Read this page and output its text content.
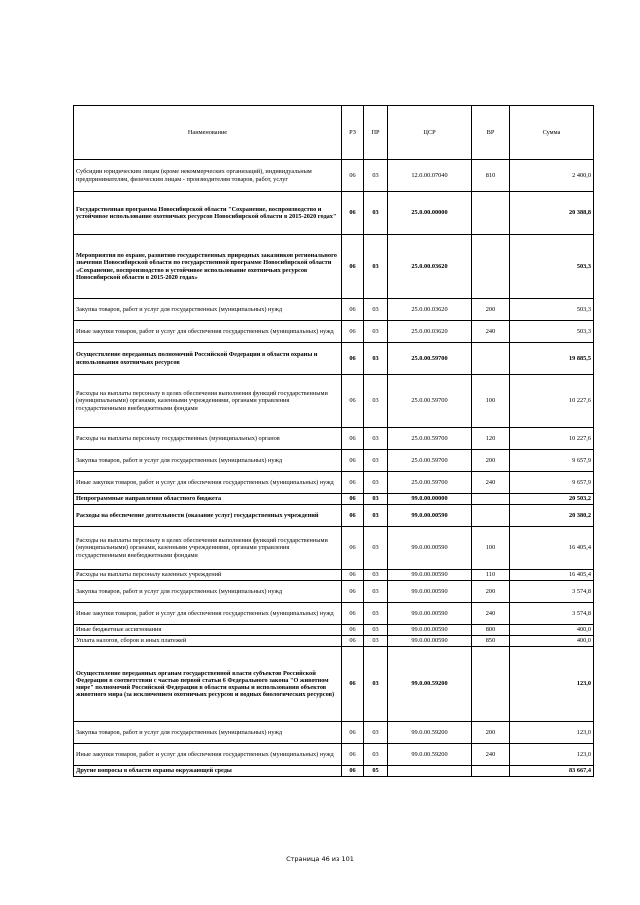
Наименование	РЗ	ПР	ЦСР	ВР	Сумма
Субсидии юридическим лицам (кроме некоммерческих организаций), индивидуальным предпринимателям, физическим лицам - производителям товаров, работ, услуг	06	03	12.0.00.07040	810	2 400,0
Государственная программа Новосибирской области "Сохранение, воспроизводство и устойчивое использование охотничьих ресурсов Новосибирской области в 2015-2020 годах"	06	03	25.0.00.00000		20 388,8
Мероприятия по охране, развитию государственных природных заказников регионального значения Новосибирской области по государственной программе Новосибирской области «Сохранение, воспроизводство и устойчивое использование охотничьих ресурсов Новосибирской области в 2015-2020 годах»	06	03	25.0.00.03620		503,3
Закупка товаров, работ и услуг для государственных (муниципальных) нужд	06	03	25.0.00.03620	200	503,3
Иные закупки товаров, работ и услуг для обеспечения государственных (муниципальных) нужд	06	03	25.0.00.03620	240	503,3
Осуществление переданных полномочий Российской Федерации в области охраны и использования охотничьих ресурсов	06	03	25.0.00.59700		19 885,5
Расходы на выплаты персоналу в целях обеспечения выполнения функций государственными (муниципальными) органами, казенными учреждениями, органами управления государственными внебюджетными фондами	06	03	25.0.00.59700	100	10 227,6
Расходы на выплаты персоналу государственных (муниципальных) органов	06	03	25.0.00.59700	120	10 227,6
Закупка товаров, работ и услуг для государственных (муниципальных) нужд	06	03	25.0.00.59700	200	9 657,9
Иные закупки товаров, работ и услуг для обеспечения государственных (муниципальных) нужд	06	03	25.0.00.59700	240	9 657,9
Непрограммные направления областного бюджета	06	03	99.0.00.00000		20 503,2
Расходы на обеспечение деятельности (оказание услуг) государственных учреждений	06	03	99.0.00.00590		20 380,2
Расходы на выплаты персоналу в целях обеспечения выполнения функций государственными (муниципальными) органами, казенными учреждениями, органами управления государственными внебюджетными фондами	06	03	99.0.00.00590	100	16 405,4
Расходы на выплаты персоналу казенных учреждений	06	03	99.0.00.00590	110	16 405,4
Закупка товаров, работ и услуг для государственных (муниципальных) нужд	06	03	99.0.00.00590	200	3 574,8
Иные закупки товаров, работ и услуг для обеспечения государственных (муниципальных) нужд	06	03	99.0.00.00590	240	3 574,8
Иные бюджетные ассигнования	06	03	99.0.00.00590	800	400,0
Уплата налогов, сборов и иных платежей	06	03	99.0.00.00590	850	400,0
Осуществление переданных органам государственной власти субъектов Российской Федерации в соответствии с частью первой статьи 6 Федерального закона "О животном мире" полномочий Российской Федерации в области охраны и использования объектов животного мира (за исключением охотничьих ресурсов и водных биологических ресурсов)	06	03	99.0.00.59200		123,0
Закупка товаров, работ и услуг для государственных (муниципальных) нужд	06	03	99.0.00.59200	200	123,0
Иные закупки товаров, работ и услуг для обеспечения государственных (муниципальных) нужд	06	03	99.0.00.59200	240	123,0
Другие вопросы в области охраны окружающей среды	06	05			83 667,4
Страница 46 из 101
